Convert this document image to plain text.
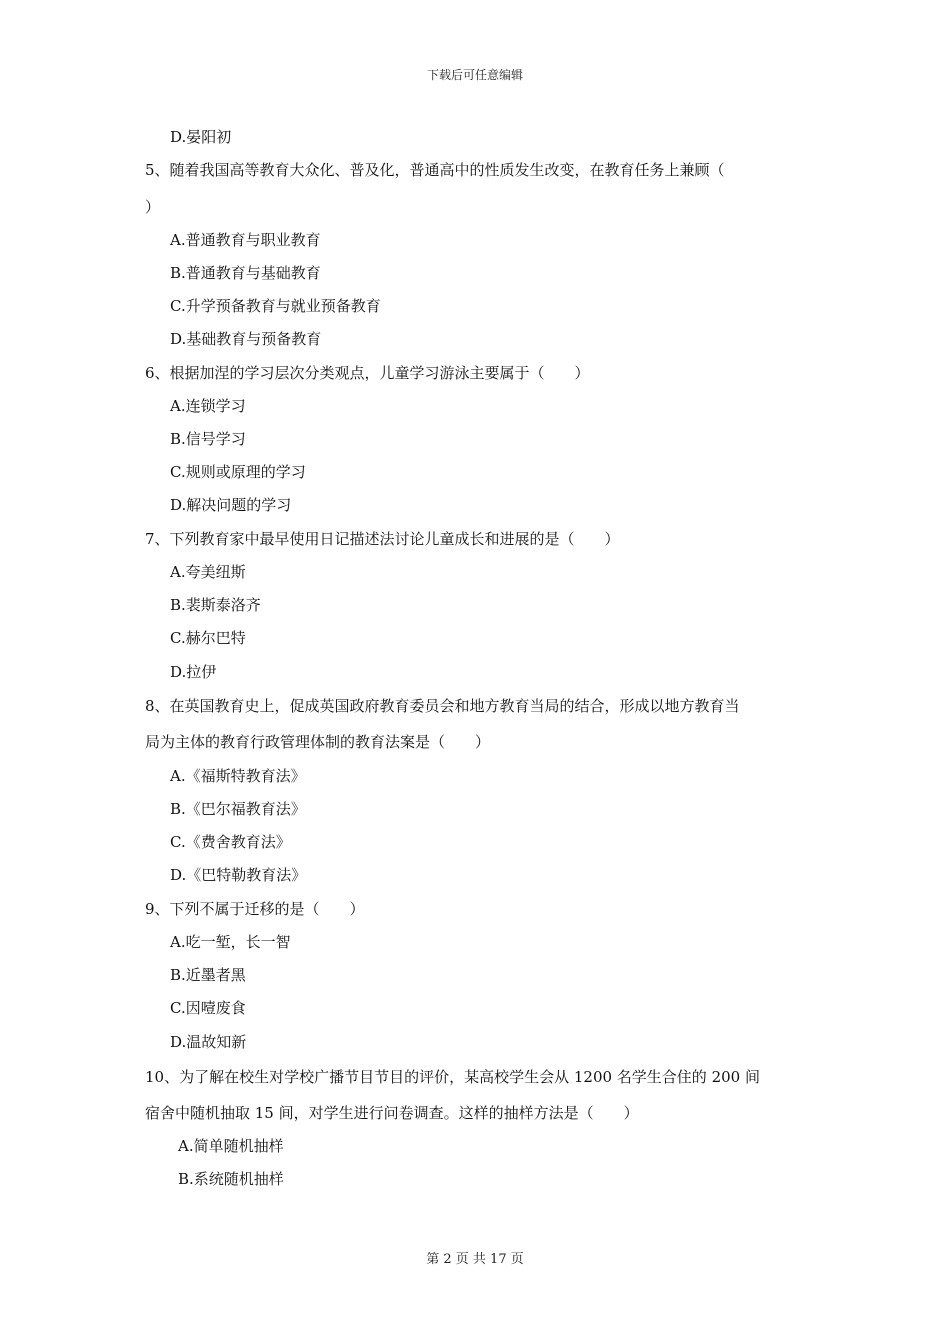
下载后可任意编辑
D.晏阳初
5、随着我国高等教育大众化、普及化，普通高中的性质发生改变，在教育任务上兼顾（
）
A.普通教育与职业教育
B.普通教育与基础教育
C.升学预备教育与就业预备教育
D.基础教育与预备教育
6、根据加涅的学习层次分类观点，儿童学习游泳主要属于（　　）
A.连锁学习
B.信号学习
C.规则或原理的学习
D.解决问题的学习
7、下列教育家中最早使用日记描述法讨论儿童成长和进展的是（　　）
A.夸美纽斯
B.裴斯泰洛齐
C.赫尔巴特
D.拉伊
8、在英国教育史上，促成英国政府教育委员会和地方教育当局的结合，形成以地方教育当
局为主体的教育行政管理体制的教育法案是（　　）
A.《福斯特教育法》
B.《巴尔福教育法》
C.《费舍教育法》
D.《巴特勒教育法》
9、下列不属于迁移的是（　　）
A.吃一堑，长一智
B.近墨者黑
C.因噎废食
D.温故知新
10、为了解在校生对学校广播节目节目的评价，某高校学生会从 1200 名学生合住的 200 间
宿舍中随机抽取 15 间，对学生进行问卷调查。这样的抽样方法是（　　）
A.简单随机抽样
B.系统随机抽样
第 2 页 共 17 页
